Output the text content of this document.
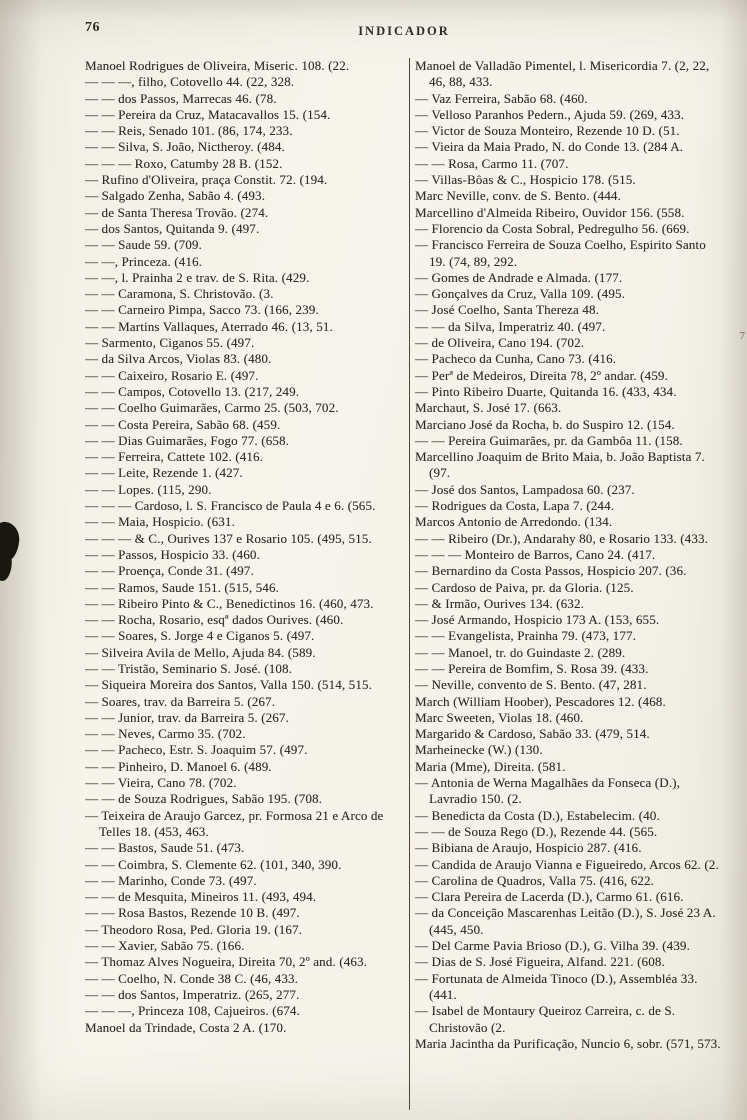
76	INDICADOR
Manoel Rodrigues de Oliveira, Miseric. 108. (22.
— — —, filho, Cotovello 44. (22, 328.
— — dos Passos, Marrecas 46. (78.
— — Pereira da Cruz, Matacavallos 15. (154.
— — Reis, Senado 101. (86, 174, 233.
— — Silva, S. João, Nictheroy. (484.
— — — Roxo, Catumby 28 B. (152.
— Rufino d'Oliveira, praça Constit. 72. (194.
— Salgado Zenha, Sabão 4. (493.
— de Santa Theresa Trovão. (274.
— dos Santos, Quitanda 9. (497.
— — Saude 59. (709.
— —, Princeza. (416.
— —, l. Prainha 2 e trav. de S. Rita. (429.
— — Caramona, S. Christovão. (3.
— — Carneiro Pimpa, Sacco 73. (166, 239.
— — Martins Vallaques, Aterrado 46. (13, 51.
— Sarmento, Ciganos 55. (497.
— da Silva Arcos, Violas 83. (480.
— — Caixeiro, Rosario E. (497.
— — Campos, Cotovello 13. (217, 249.
— — Coelho Guimarães, Carmo 25. (503, 702.
— — Costa Pereira, Sabão 68. (459.
— — Dias Guimarães, Fogo 77. (658.
— — Ferreira, Cattete 102. (416.
— — Leite, Rezende 1. (427.
— — Lopes. (115, 290.
— — — Cardoso, l. S. Francisco de Paula 4 e 6. (565.
— — Maia, Hospicio. (631.
— — — & C., Ourives 137 e Rosario 105. (495, 515.
— — Passos, Hospicio 33. (460.
— — Proença, Conde 31. (497.
— — Ramos, Saude 151. (515, 546.
— — Ribeiro Pinto & C., Benedictinos 16. (460, 473.
— — Rocha, Rosario, esqª dados Ourives. (460.
— — Soares, S. Jorge 4 e Ciganos 5. (497.
— Silveira Avila de Mello, Ajuda 84. (589.
— — Tristão, Seminario S. José. (108.
— Siqueira Moreira dos Santos, Valla 150. (514, 515.
— Soares, trav. da Barreira 5. (267.
— — Junior, trav. da Barreira 5. (267.
— — Neves, Carmo 35. (702.
— — Pacheco, Estr. S. Joaquim 57. (497.
— — Pinheiro, D. Manoel 6. (489.
— — Vieira, Cano 78. (702.
— — de Souza Rodrigues, Sabão 195. (708.
— Teixeira de Araujo Garcez, pr. Formosa 21 e Arco de Telles 18. (453, 463.
— — Bastos, Saude 51. (473.
— — Coimbra, S. Clemente 62. (101, 340, 390.
— — Marinho, Conde 73. (497.
— — de Mesquita, Mineiros 11. (493, 494.
— — Rosa Bastos, Rezende 10 B. (497.
— Theodoro Rosa, Ped. Gloria 19. (167.
— — Xavier, Sabão 75. (166.
— Thomaz Alves Nogueira, Direita 70, 2º and. (463.
— — Coelho, N. Conde 38 C. (46, 433.
— — dos Santos, Imperatriz. (265, 277.
— — —, Princeza 108, Cajueiros. (674.
Manoel da Trindade, Costa 2 A. (170.
Manoel de Valladão Pimentel, l. Misericordia 7. (2, 22, 46, 88, 433.
— Vaz Ferreira, Sabão 68. (460.
— Velloso Paranhos Pedern., Ajuda 59. (269, 433.
— Victor de Souza Monteiro, Rezende 10 D. (51.
— Vieira da Maia Prado, N. do Conde 13. (284 A.
— — Rosa, Carmo 11. (707.
— Villas-Bôas & C., Hospicio 178. (515.
Marc Neville, conv. de S. Bento. (444.
Marcellino d'Almeida Ribeiro, Ouvidor 156. (558.
— Florencio da Costa Sobral, Pedregulho 56. (669.
— Francisco Ferreira de Souza Coelho, Espirito Santo 19. (74, 89, 292.
— Gomes de Andrade e Almada. (177.
— Gonçalves da Cruz, Valla 109. (495.
— José Coelho, Santa Thereza 48.
— — da Silva, Imperatriz 40. (497.
— de Oliveira, Cano 194. (702.
— Pacheco da Cunha, Cano 73. (416.
— Perª de Medeiros, Direita 78, 2º andar. (459.
— Pinto Ribeiro Duarte, Quitanda 16. (433, 434.
Marchaut, S. José 17. (663.
Marciano José da Rocha, b. do Suspiro 12. (154.
— — Pereira Guimarães, pr. da Gambôa 11. (158.
Marcellino Joaquim de Brito Maia, b. João Baptista 7. (97.
— José dos Santos, Lampadosa 60. (237.
— Rodrigues da Costa, Lapa 7. (244.
Marcos Antonio de Arredondo. (134.
— — Ribeiro (Dr.), Andarahy 80, e Rosario 133. (433.
— — — Monteiro de Barros, Cano 24. (417.
— Bernardino da Costa Passos, Hospicio 207. (36.
— Cardoso de Paiva, pr. da Gloria. (125.
— & Irmão, Ourives 134. (632.
— José Armando, Hospicio 173 A. (153, 655.
— — Evangelista, Prainha 79. (473, 177.
— — Manoel, tr. do Guindaste 2. (289.
— — Pereira de Bomfim, S. Rosa 39. (433.
— Neville, convento de S. Bento. (47, 281.
March (William Hoober), Pescadores 12. (468.
Marc Sweeten, Violas 18. (460.
Margarido & Cardoso, Sabão 33. (479, 514.
Marheinecke (W.) (130.
Maria (Mme), Direita. (581.
— Antonia de Werna Magalhães da Fonseca (D.), Lavradio 150. (2.
— Benedicta da Costa (D.), Estabelecim. (40.
— — de Souza Rego (D.), Rezende 44. (565.
— Bibiana de Araujo, Hospicio 287. (416.
— Candida de Araujo Vianna e Figueiredo, Arcos 62. (2.
— Carolina de Quadros, Valla 75. (416, 622.
— Clara Pereira de Lacerda (D.), Carmo 61. (616.
— da Conceição Mascarenhas Leitão (D.), S. José 23 A. (445, 450.
— Del Carme Pavia Brioso (D.), G. Vilha 39. (439.
— Dias de S. José Figueira, Alfand. 221. (608.
— Fortunata de Almeida Tinoco (D.), Assembléa 33. (441.
— Isabel de Montaury Queiroz Carreira, c. de S. Christovão (2.
Maria Jacintha da Purificação, Nuncio 6, sobr. (571, 573.
7
